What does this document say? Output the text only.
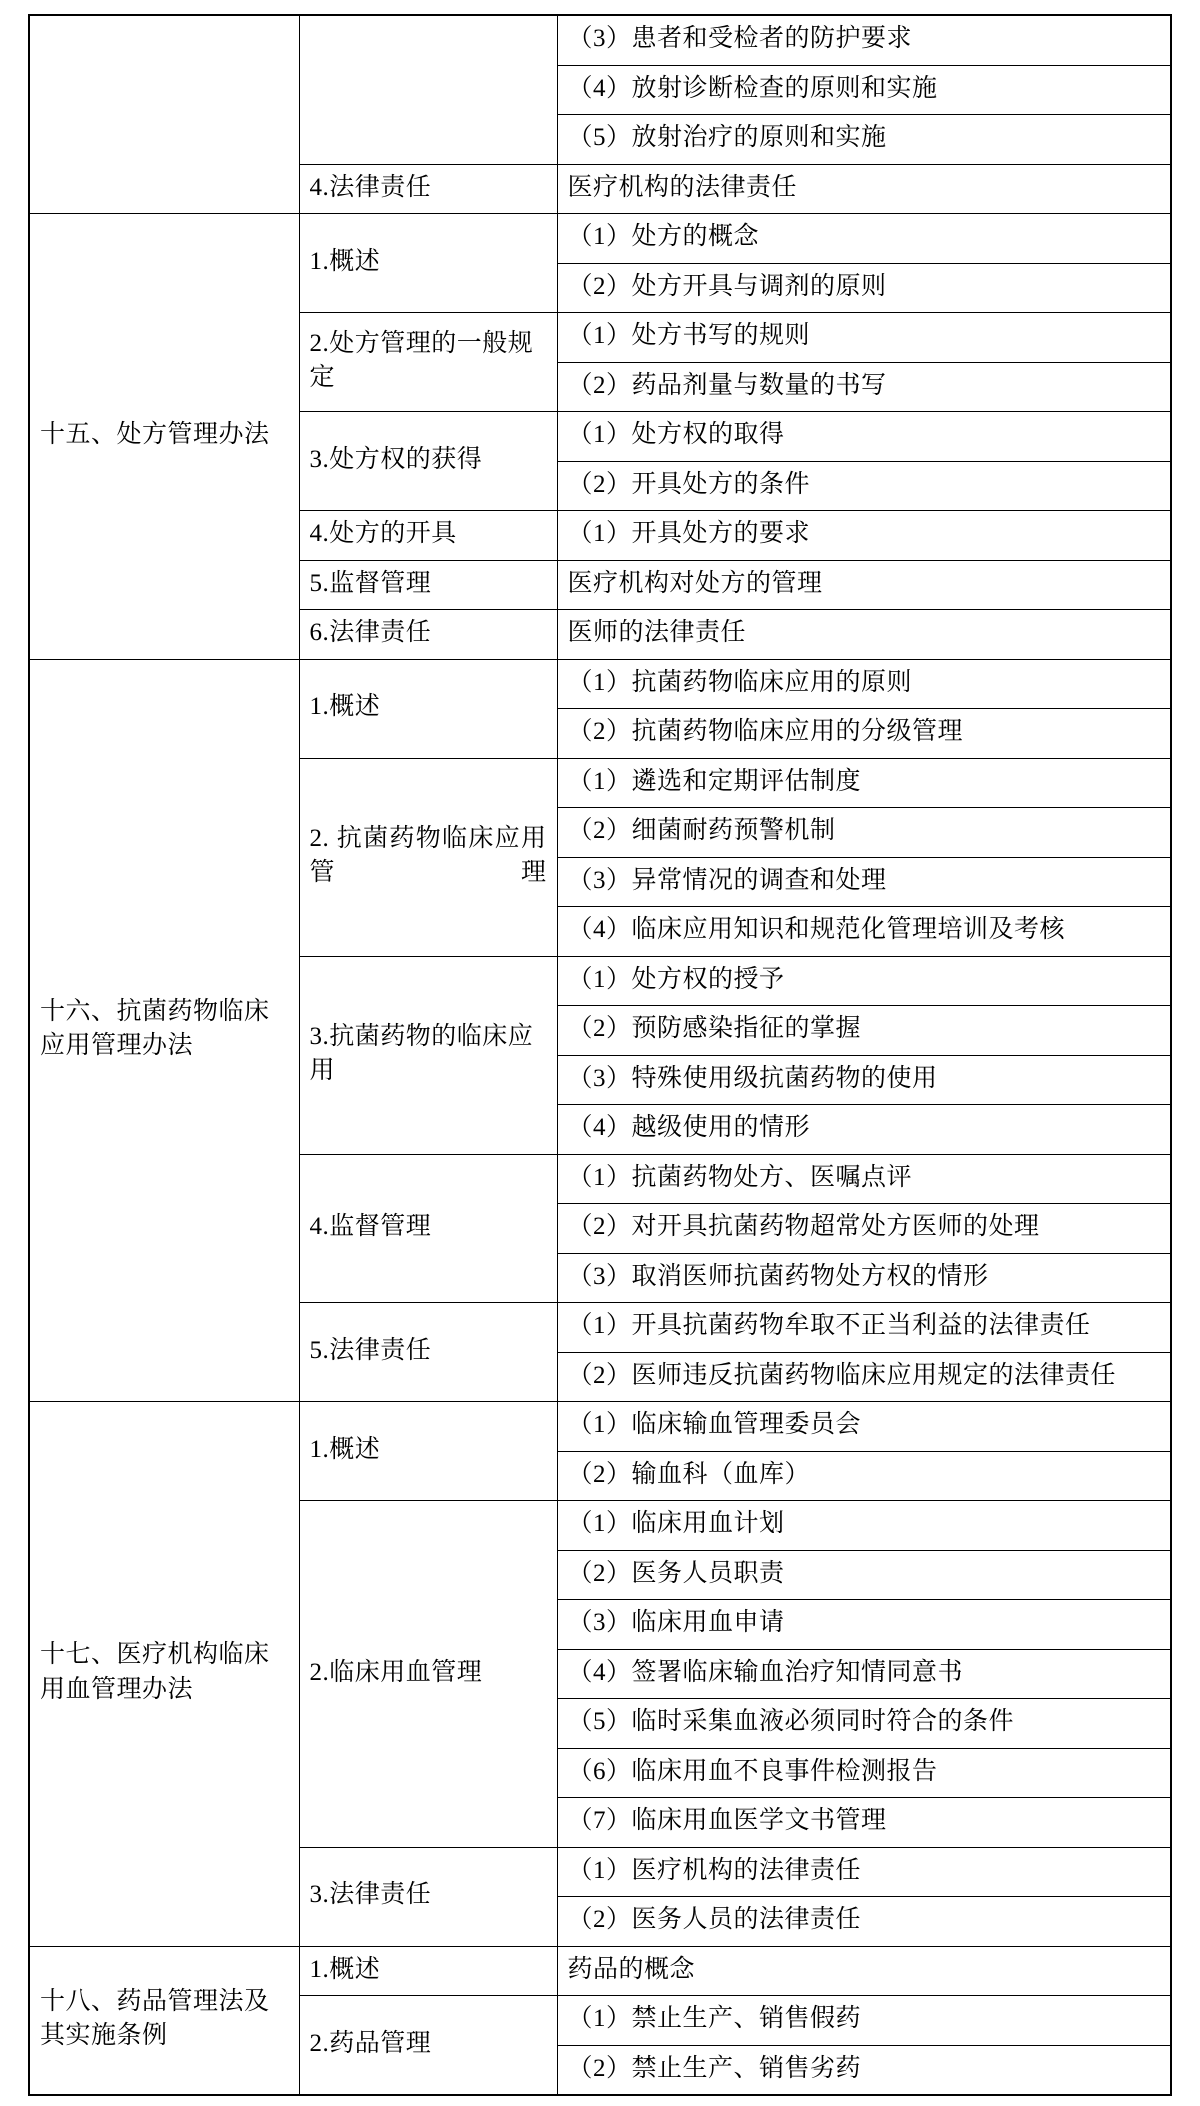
		（3）患者和受检者的防护要求
		（4）放射诊断检查的原则和实施
		（5）放射治疗的原则和实施
	4.法律责任	医疗机构的法律责任
十五、处方管理办法	1.概述	（1）处方的概念
		（2）处方开具与调剂的原则
	2.处方管理的一般规定	（1）处方书写的规则
		（2）药品剂量与数量的书写
	3.处方权的获得	（1）处方权的取得
		（2）开具处方的条件
	4.处方的开具	（1）开具处方的要求
	5.监督管理	医疗机构对处方的管理
	6.法律责任	医师的法律责任
十六、抗菌药物临床应用管理办法	1.概述	（1）抗菌药物临床应用的原则
		（2）抗菌药物临床应用的分级管理
	2. 抗菌药物临床应用管理	（1）遴选和定期评估制度
		（2）细菌耐药预警机制
		（3）异常情况的调查和处理
		（4）临床应用知识和规范化管理培训及考核
	3.抗菌药物的临床应用	（1）处方权的授予
		（2）预防感染指征的掌握
		（3）特殊使用级抗菌药物的使用
		（4）越级使用的情形
	4.监督管理	（1）抗菌药物处方、医嘱点评
		（2）对开具抗菌药物超常处方医师的处理
		（3）取消医师抗菌药物处方权的情形
	5.法律责任	（1）开具抗菌药物牟取不正当利益的法律责任
		（2）医师违反抗菌药物临床应用规定的法律责任
十七、医疗机构临床用血管理办法	1.概述	（1）临床输血管理委员会
		（2）输血科（血库）
	2.临床用血管理	（1）临床用血计划
		（2）医务人员职责
		（3）临床用血申请
		（4）签署临床输血治疗知情同意书
		（5）临时采集血液必须同时符合的条件
		（6）临床用血不良事件检测报告
		（7）临床用血医学文书管理
	3.法律责任	（1）医疗机构的法律责任
		（2）医务人员的法律责任
十八、药品管理法及其实施条例	1.概述	药品的概念
	2.药品管理	（1）禁止生产、销售假药
		（2）禁止生产、销售劣药
